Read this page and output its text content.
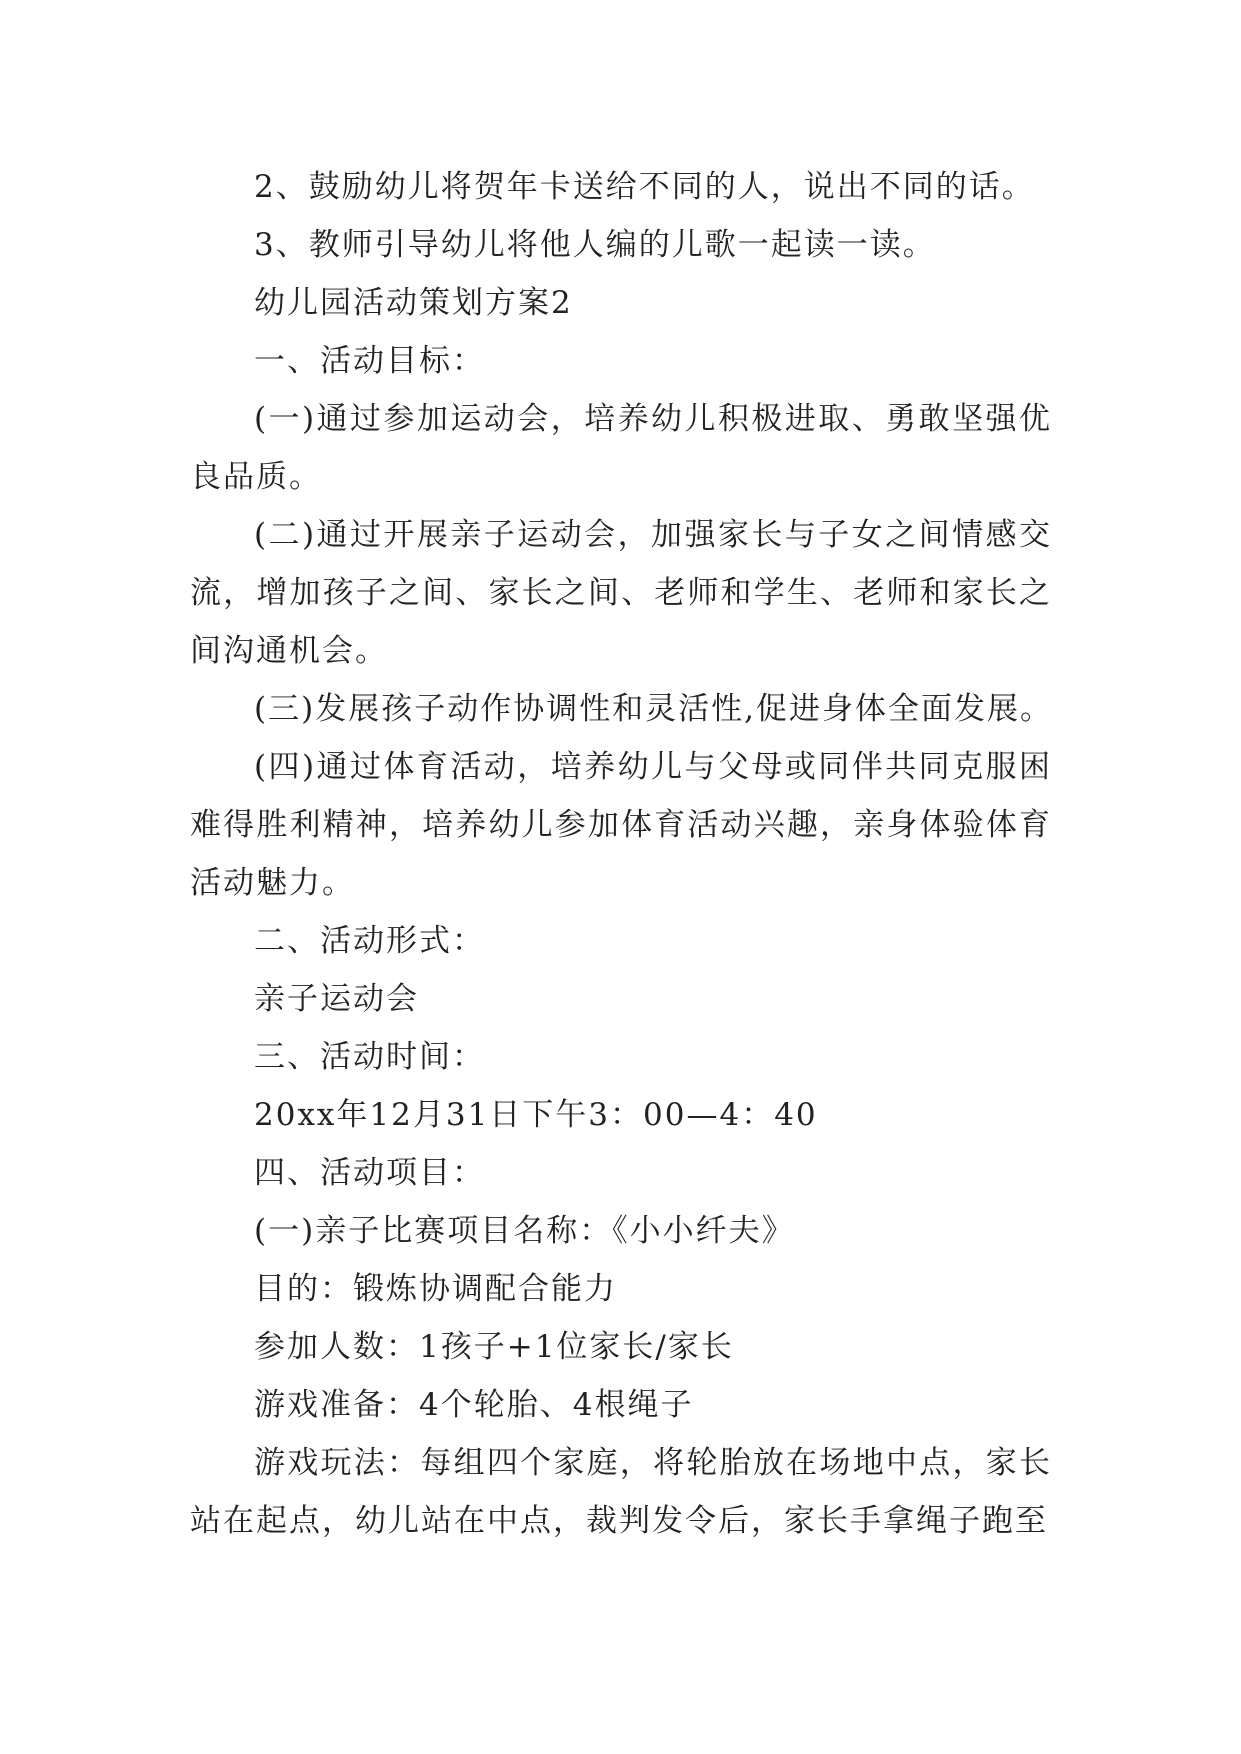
2、鼓励幼儿将贺年卡送给不同的人，说出不同的话。

3、教师引导幼儿将他人编的儿歌一起读一读。

幼儿园活动策划方案2

一、活动目标：

(一)通过参加运动会，培养幼儿积极进取、勇敢坚强优良品质。

(二)通过开展亲子运动会，加强家长与子女之间情感交流，增加孩子之间、家长之间、老师和学生、老师和家长之间沟通机会。

(三)发展孩子动作协调性和灵活性,促进身体全面发展。

(四)通过体育活动，培养幼儿与父母或同伴共同克服困难得胜利精神，培养幼儿参加体育活动兴趣，亲身体验体育活动魅力。

二、活动形式：

亲子运动会

三、活动时间：

20xx年12月31日下午3：00—4：40

四、活动项目：

(一)亲子比赛项目名称：《小小纤夫》

目的：锻炼协调配合能力

参加人数：1孩子+1位家长/家长

游戏准备：4个轮胎、4根绳子

游戏玩法：每组四个家庭，将轮胎放在场地中点，家长站在起点，幼儿站在中点，裁判发令后，家长手拿绳子跑至
